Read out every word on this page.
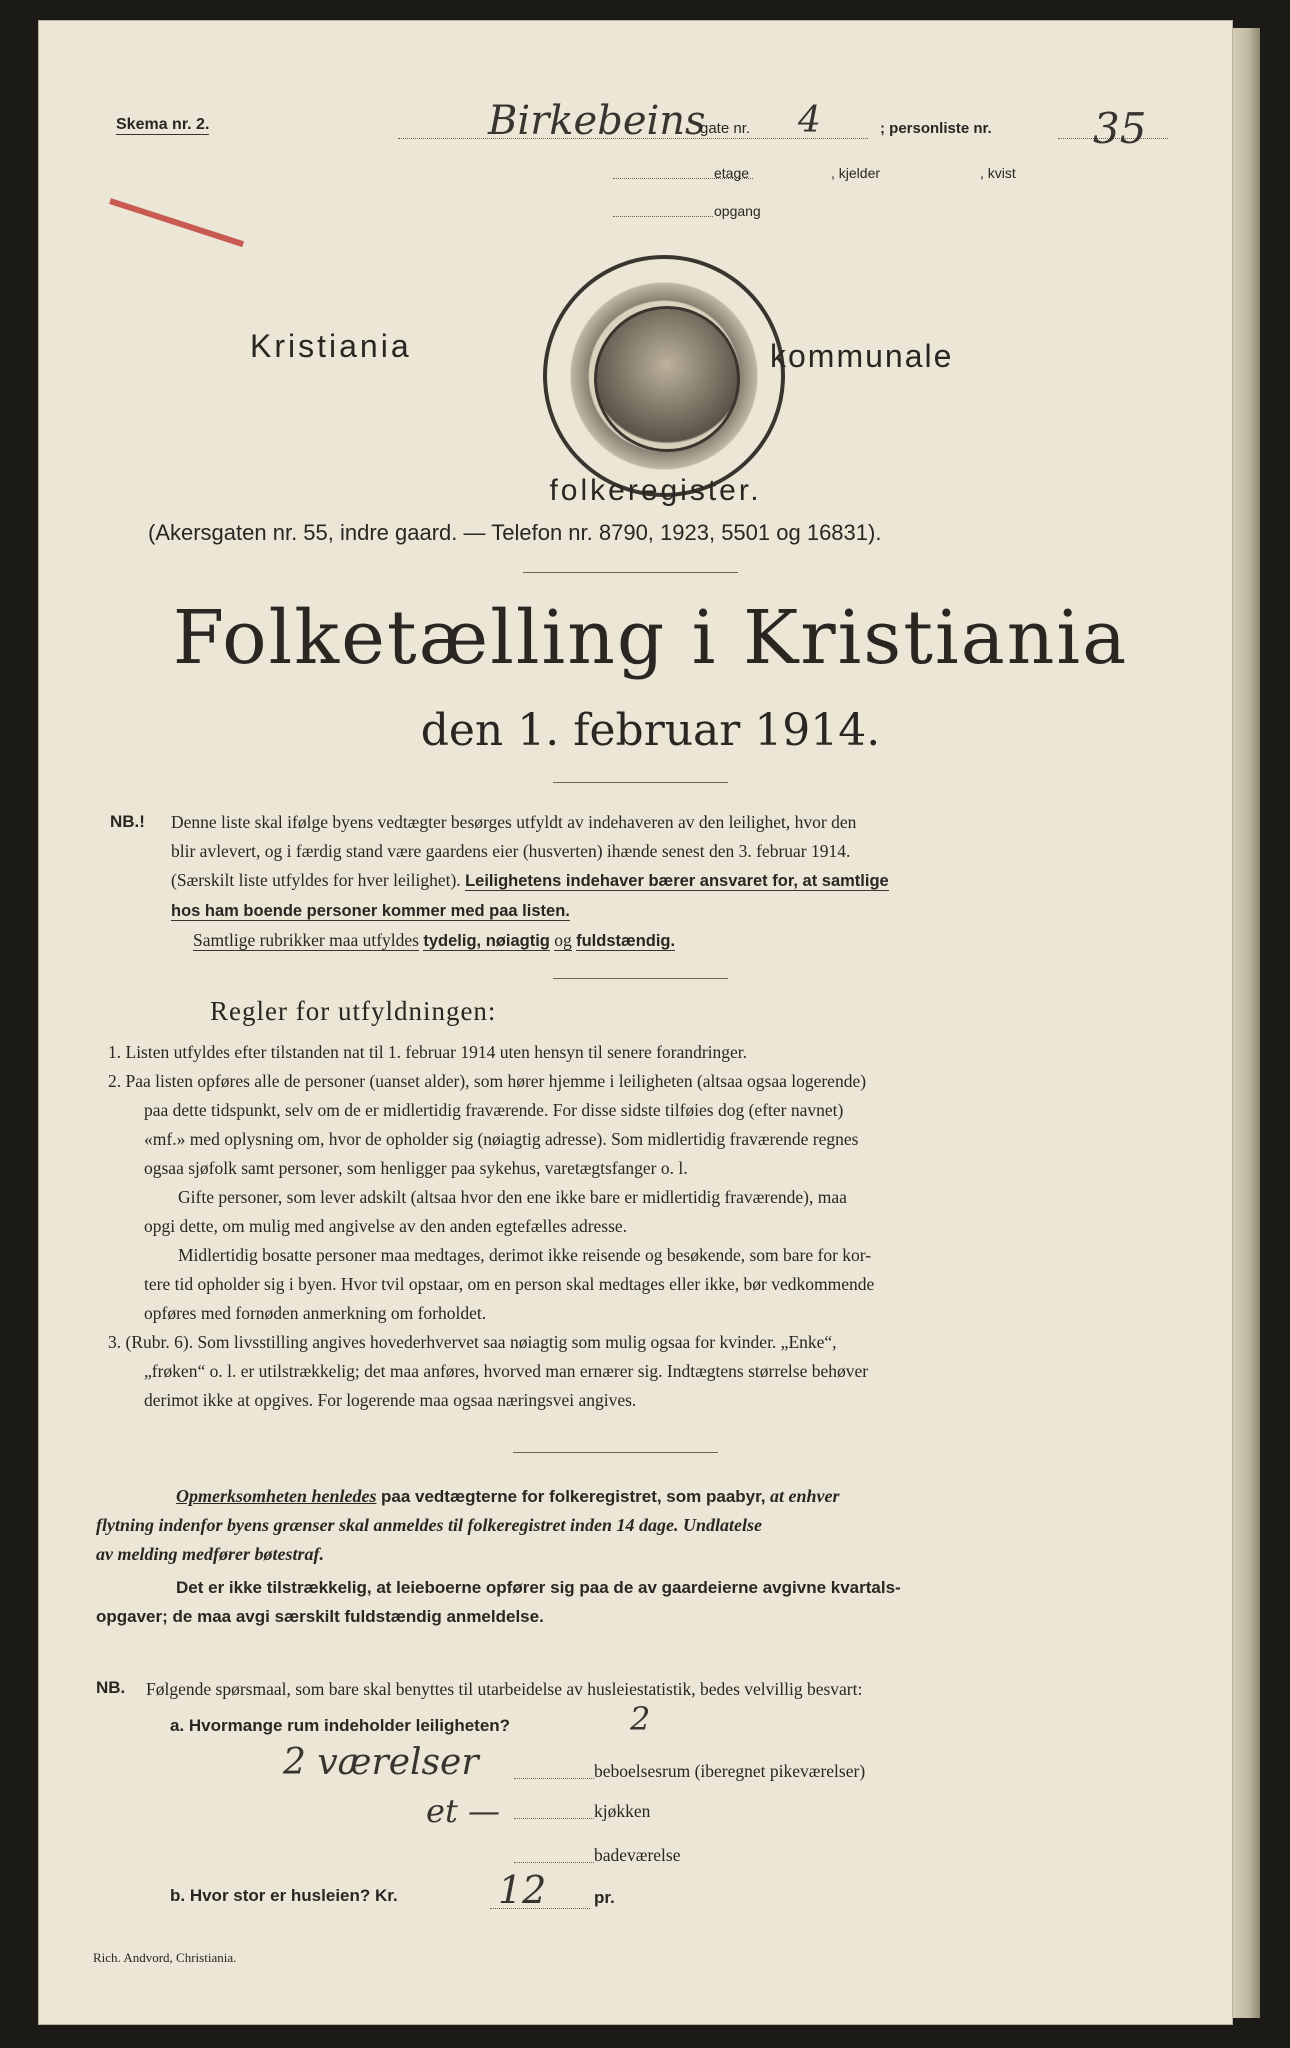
Skema nr. 2.	Birkebeins
gate nr. 4	; personliste nr. 35
etage	, kjelder	, kvist
opgang
Kristiania	kommunale
folkeregister.
(Akersgaten nr. 55, indre gaard. — Telefon nr. 8790, 1923, 5501 og 16831).
Folketælling i Kristiania
den 1. februar 1914.
NB.! Denne liste skal ifølge byens vedtægter besørges utfyldt av indehaveren av den leilighet, hvor den

blir avlevert, og i færdig stand være gaardens eier (husverten) ihænde senest den 3. februar 1914.

(Særskilt liste utfyldes for hver leilighet). Leilighetens indehaver bærer ansvaret for, at samtlige

hos ham boende personer kommer med paa listen.

Samtlige rubrikker maa utfyldes tydelig, nøiagtig og fuldstændig.

Regler for utfyldningen:

1. Listen utfyldes efter tilstanden nat til 1. februar 1914 uten hensyn til senere forandringer.

2. Paa listen opføres alle de personer (uanset alder), som hører hjemme i leiligheten (altsaa ogsaa logerende)

paa dette tidspunkt, selv om de er midlertidig fraværende. For disse sidste tilføies dog (efter navnet)

«mf.» med oplysning om, hvor de opholder sig (nøiagtig adresse). Som midlertidig fraværende regnes

ogsaa sjøfolk samt personer, som henligger paa sykehus, varetægtsfanger o. l.

Gifte personer, som lever adskilt (altsaa hvor den ene ikke bare er midlertidig fraværende), maa

opgi dette, om mulig med angivelse av den anden egtefælles adresse.

Midlertidig bosatte personer maa medtages, derimot ikke reisende og besøkende, som bare for kor-

tere tid opholder sig i byen. Hvor tvil opstaar, om en person skal medtages eller ikke, bør vedkommende

opføres med fornøden anmerkning om forholdet.

3. (Rubr. 6). Som livsstilling angives hovederhvervet saa nøiagtig som mulig ogsaa for kvinder. „Enke“,

„frøken“ o. l. er utilstrækkelig; det maa anføres, hvorved man ernærer sig. Indtægtens størrelse behøver

derimot ikke at opgives. For logerende maa ogsaa næringsvei angives.

Opmerksomheten henledes paa vedtægterne for folkeregistret, som paabyr, at enhver

flytning indenfor byens grænser skal anmeldes til folkeregistret inden 14 dage. Undlatelse

av melding medfører bøtestraf.

Det er ikke tilstrækkelig, at leieboerne opfører sig paa de av gaardeierne avgivne kvartals-

opgaver; de maa avgi særskilt fuldstændig anmeldelse.

NB. Følgende spørsmaal, som bare skal benyttes til utarbeidelse av husleiestatistik, bedes velvillig besvart:
a. Hvormange rum indeholder leiligheten?	2
2 værelser	beboelsesrum (iberegnet pikeværelser)
et —	kjøkken
badeværelse
b. Hvor stor er husleien? Kr.	12	pr.
Rich. Andvord, Christiania.
